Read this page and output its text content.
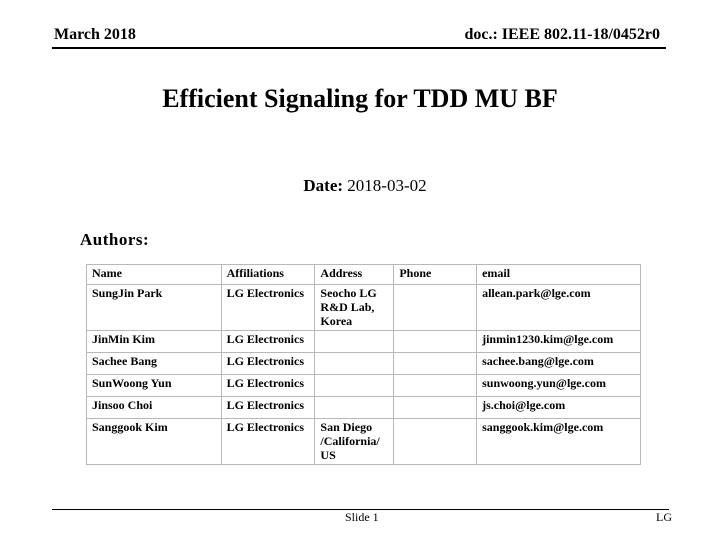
March 2018	doc.: IEEE 802.11-18/0452r0
Efficient Signaling for TDD MU BF
Date: 2018-03-02
Authors:
Name	Affiliations	Address	Phone	email
SungJin Park	LG Electronics	Seocho LG R&D Lab, Korea		allean.park@lge.com
JinMin Kim	LG Electronics			jinmin1230.kim@lge.com
Sachee Bang	LG Electronics			sachee.bang@lge.com
SunWoong Yun	LG Electronics			sunwoong.yun@lge.com
Jinsoo Choi	LG Electronics			js.choi@lge.com
Sanggook Kim	LG Electronics	San Diego /California/ US		sanggook.kim@lge.com
Slide 1	LG
